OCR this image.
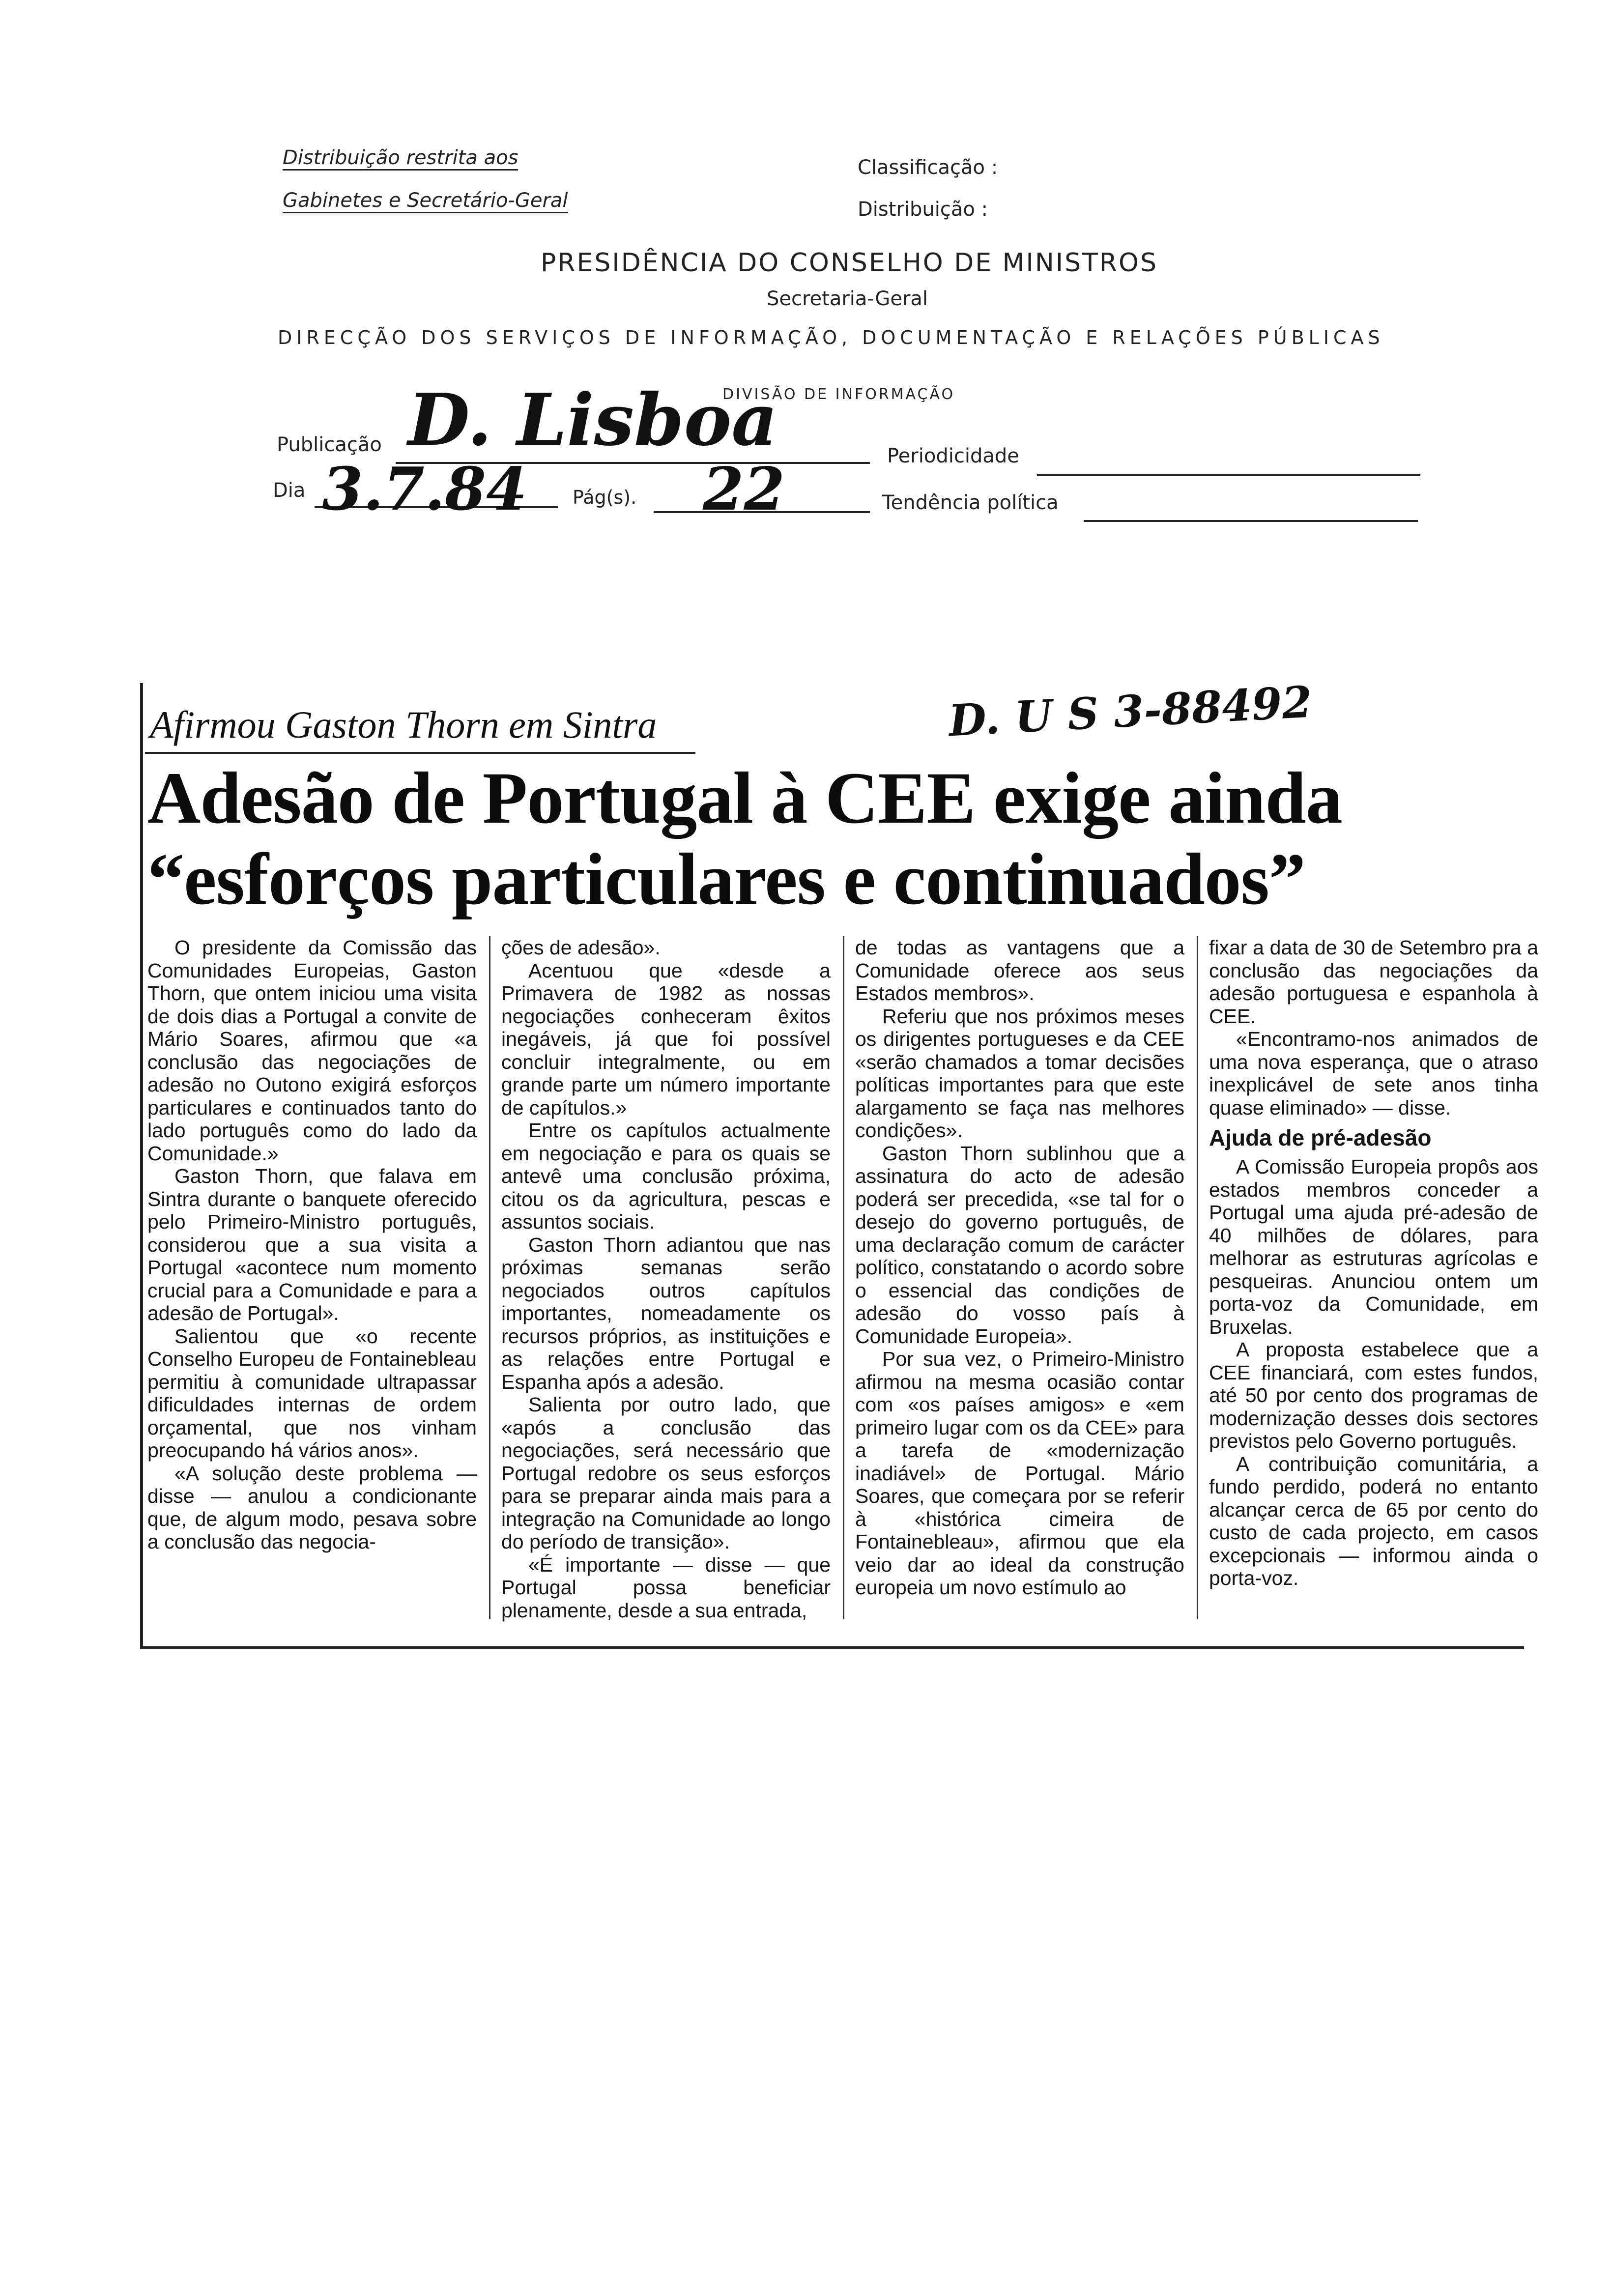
Distribuição restrita aos
Gabinetes e Secretário-Geral
Classificação :
Distribuição :
PRESIDÊNCIA DO CONSELHO DE MINISTROS
Secretaria-Geral
DIRECÇÃO DOS SERVIÇOS DE INFORMAÇÃO, DOCUMENTAÇÃO E RELAÇÕES PÚBLICAS
DIVISÃO DE INFORMAÇÃO
Publicação D. Lisboa	Periodicidade
Dia 3.7.84 Pág(s). 22	Tendência política
D. U S 3-88492
Afirmou Gaston Thorn em Sintra
Adesão de Portugal à CEE exige ainda
“esforços particulares e continuados”

O presidente da Comissão das Comunidades Europeias, Gaston Thorn, que ontem iniciou uma visita de dois dias a Portugal a convite de Mário Soares, afirmou que «a conclusão das negociações de adesão no Outono exigirá esforços particulares e continuados tanto do lado português como do lado da Comunidade.»

Gaston Thorn, que falava em Sintra durante o banquete oferecido pelo Primeiro-Ministro português, considerou que a sua visita a Portugal «acontece num momento crucial para a Comunidade e para a adesão de Portugal».

Salientou que «o recente Conselho Europeu de Fontainebleau permitiu à comunidade ultrapassar dificuldades internas de ordem orçamental, que nos vinham preocupando há vários anos».

«A solução deste problema — disse — anulou a condicionante que, de algum modo, pesava sobre a conclusão das negocia-

ções de adesão».

Acentuou que «desde a Primavera de 1982 as nossas negociações conheceram êxitos inegáveis, já que foi possível concluir integralmente, ou em grande parte um número importante de capítulos.»

Entre os capítulos actualmente em negociação e para os quais se antevê uma conclusão próxima, citou os da agricultura, pescas e assuntos sociais.

Gaston Thorn adiantou que nas próximas semanas serão negociados outros capítulos importantes, nomeadamente os recursos próprios, as instituições e as relações entre Portugal e Espanha após a adesão.

Salienta por outro lado, que «após a conclusão das negociações, será necessário que Portugal redobre os seus esforços para se preparar ainda mais para a integração na Comunidade ao longo do período de transição».

«É importante — disse — que Portugal possa beneficiar plenamente, desde a sua entrada,

de todas as vantagens que a Comunidade oferece aos seus Estados membros».

Referiu que nos próximos meses os dirigentes portugueses e da CEE «serão chamados a tomar decisões políticas importantes para que este alargamento se faça nas melhores condições».

Gaston Thorn sublinhou que a assinatura do acto de adesão poderá ser precedida, «se tal for o desejo do governo português, de uma declaração comum de carácter político, constatando o acordo sobre o essencial das condições de adesão do vosso país à Comunidade Europeia».

Por sua vez, o Primeiro-Ministro afirmou na mesma ocasião contar com «os países amigos» e «em primeiro lugar com os da CEE» para a tarefa de «modernização inadiável» de Portugal. Mário Soares, que começara por se referir à «histórica cimeira de Fontainebleau», afirmou que ela veio dar ao ideal da construção europeia um novo estímulo ao

fixar a data de 30 de Setembro pra a conclusão das negociações da adesão portuguesa e espanhola à CEE.

«Encontramo-nos animados de uma nova esperança, que o atraso inexplicável de sete anos tinha quase eliminado» — disse.

Ajuda de pré-adesão

A Comissão Europeia propôs aos estados membros conceder a Portugal uma ajuda pré-adesão de 40 milhões de dólares, para melhorar as estruturas agrícolas e pesqueiras. Anunciou ontem um porta-voz da Comunidade, em Bruxelas.

A proposta estabelece que a CEE financiará, com estes fundos, até 50 por cento dos programas de modernização desses dois sectores previstos pelo Governo português.

A contribuição comunitária, a fundo perdido, poderá no entanto alcançar cerca de 65 por cento do custo de cada projecto, em casos excepcionais — informou ainda o porta-voz.
